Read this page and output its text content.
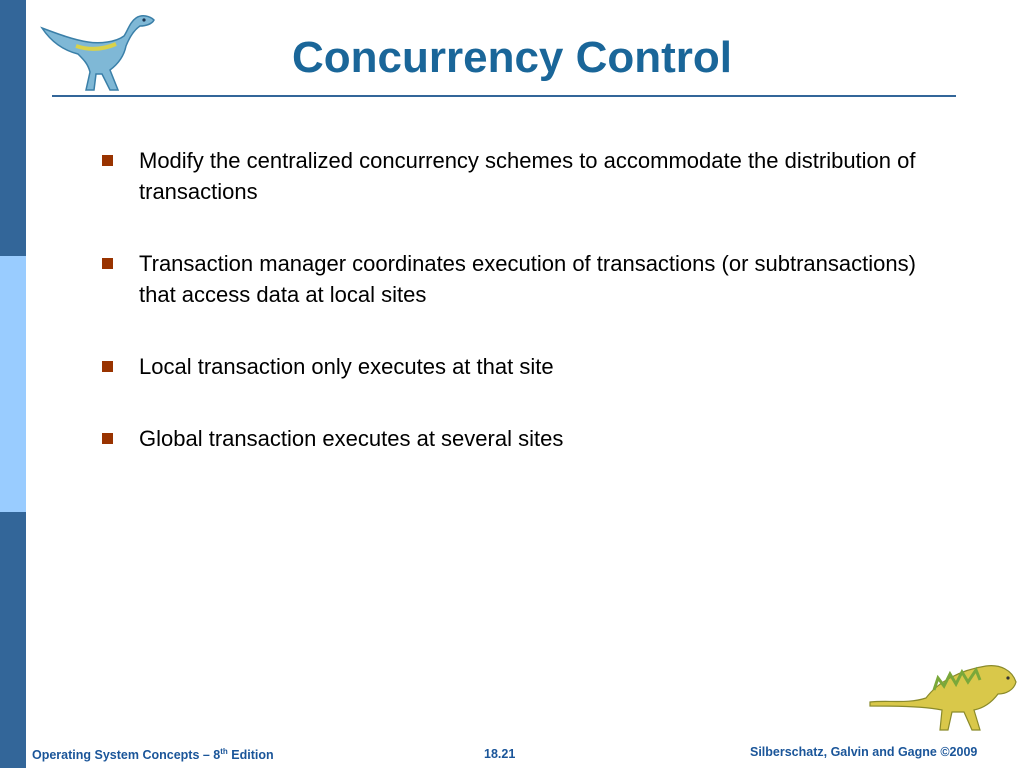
Concurrency Control
Modify the centralized concurrency schemes to accommodate the distribution of transactions
Transaction manager coordinates execution of transactions (or subtransactions) that access data at local sites
Local transaction only executes at that site
Global transaction executes at several sites
Operating System Concepts – 8th Edition	18.21	Silberschatz, Galvin and Gagne ©2009
